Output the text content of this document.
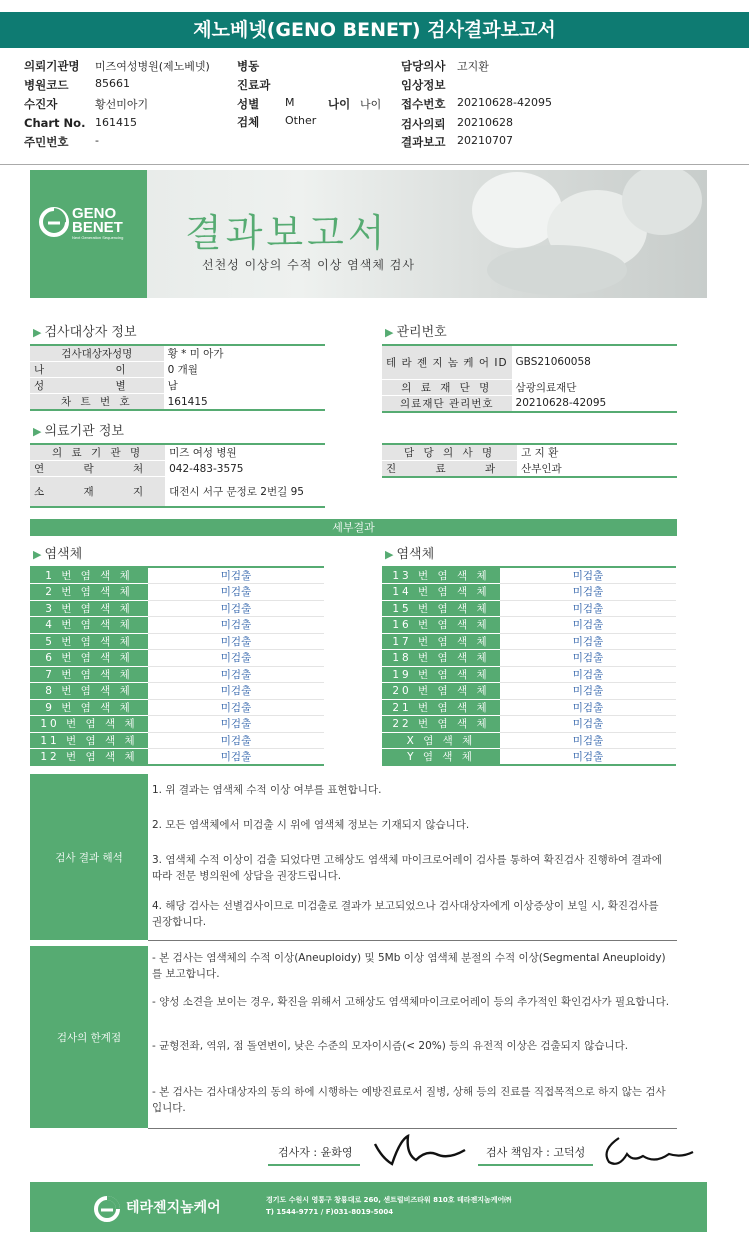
제노베넷(GENO BENET) 검사결과보고서
의뢰기관명 미즈여성병원(제노베넷)
병원코드 85661
수진자	황선미아기
Chart No. 161415
주민번호 -
병동
진료과
성별 M
검체 Other
나이 나이
담당의사 고지환
임상정보
접수번호 20210628-42095
검사의뢰 20210628
결과보고 20210707
GENO
BENET
Next Generation Sequencing 결과보고서
선천성 이상의 수적 이상 염색체 검사
▶ 검사대상자 정보
검사대상자성명	황 * 미 아가
나 이	0 개월
성 별	남
차 트 번 호	161415
▶ 관리번호
테 라 젠 지 놈 케 어 ID	GBS21060058
의 료 재 단 명	삼광의료재단
의료재단 관리번호	20210628-42095
▶ 의료기관 정보
의 료 기 관 명	미즈 여성 병원
연 락 처	042-483-3575
소 재 지	대전시 서구 문정로 2번길 95
담 당 의 사 명	고 지 환
진 료 과	산부인과
세부결과
▶ 염색체	▶ 염색체
1 번 염 색 체	미검출
2 번 염 색 체	미검출
3 번 염 색 체	미검출
4 번 염 색 체	미검출
5 번 염 색 체	미검출
6 번 염 색 체	미검출
7 번 염 색 체	미검출
8 번 염 색 체	미검출
9 번 염 색 체	미검출
10 번 염 색 체	미검출
11 번 염 색 체	미검출
12 번 염 색 체	미검출
13 번 염 색 체	미검출
14 번 염 색 체	미검출
15 번 염 색 체	미검출
16 번 염 색 체	미검출
17 번 염 색 체	미검출
18 번 염 색 체	미검출
19 번 염 색 체	미검출
20 번 염 색 체	미검출
21 번 염 색 체	미검출
22 번 염 색 체	미검출
X 염 색 체	미검출
Y 염 색 체	미검출
검사 결과 해석

1. 위 결과는 염색체 수적 이상 여부를 표현합니다.

2. 모든 염색체에서 미검출 시 위에 염색체 정보는 기재되지 않습니다.

3. 염색체 수적 이상이 검출 되었다면 고해상도 염색체 마이크로어레이 검사를 통하여 확진검사 진행하여 결과에 따라 전문 병의원에 상담을 권장드립니다.

4. 해당 검사는 선별검사이므로 미검출로 결과가 보고되었으나 검사대상자에게 이상증상이 보일 시, 확진검사를 권장합니다.

검사의 한계점

- 본 검사는 염색체의 수적 이상(Aneuploidy) 및 5Mb 이상 염색체 분절의 수적 이상(Segmental Aneuploidy)를 보고합니다.

- 양성 소견을 보이는 경우, 확진을 위해서 고해상도 염색체마이크로어레이 등의 추가적인 확인검사가 필요합니다.

- 균형전좌, 역위, 점 돌연변이, 낮은 수준의 모자이시즘(< 20%) 등의 유전적 이상은 검출되지 않습니다.

- 본 검사는 검사대상자의 동의 하에 시행하는 예방진료로서 질병, 상해 등의 진료를 직접목적으로 하지 않는 검사입니다.

검사자 : 윤화영	검사 책임자 : 고덕성
테라젠지놈케어	경기도 수원시 영통구 창룡대로 260, 센트럴비즈타워 810호 테라젠지놈케어㈜
T) 1544-9771 / F)031-8019-5004
